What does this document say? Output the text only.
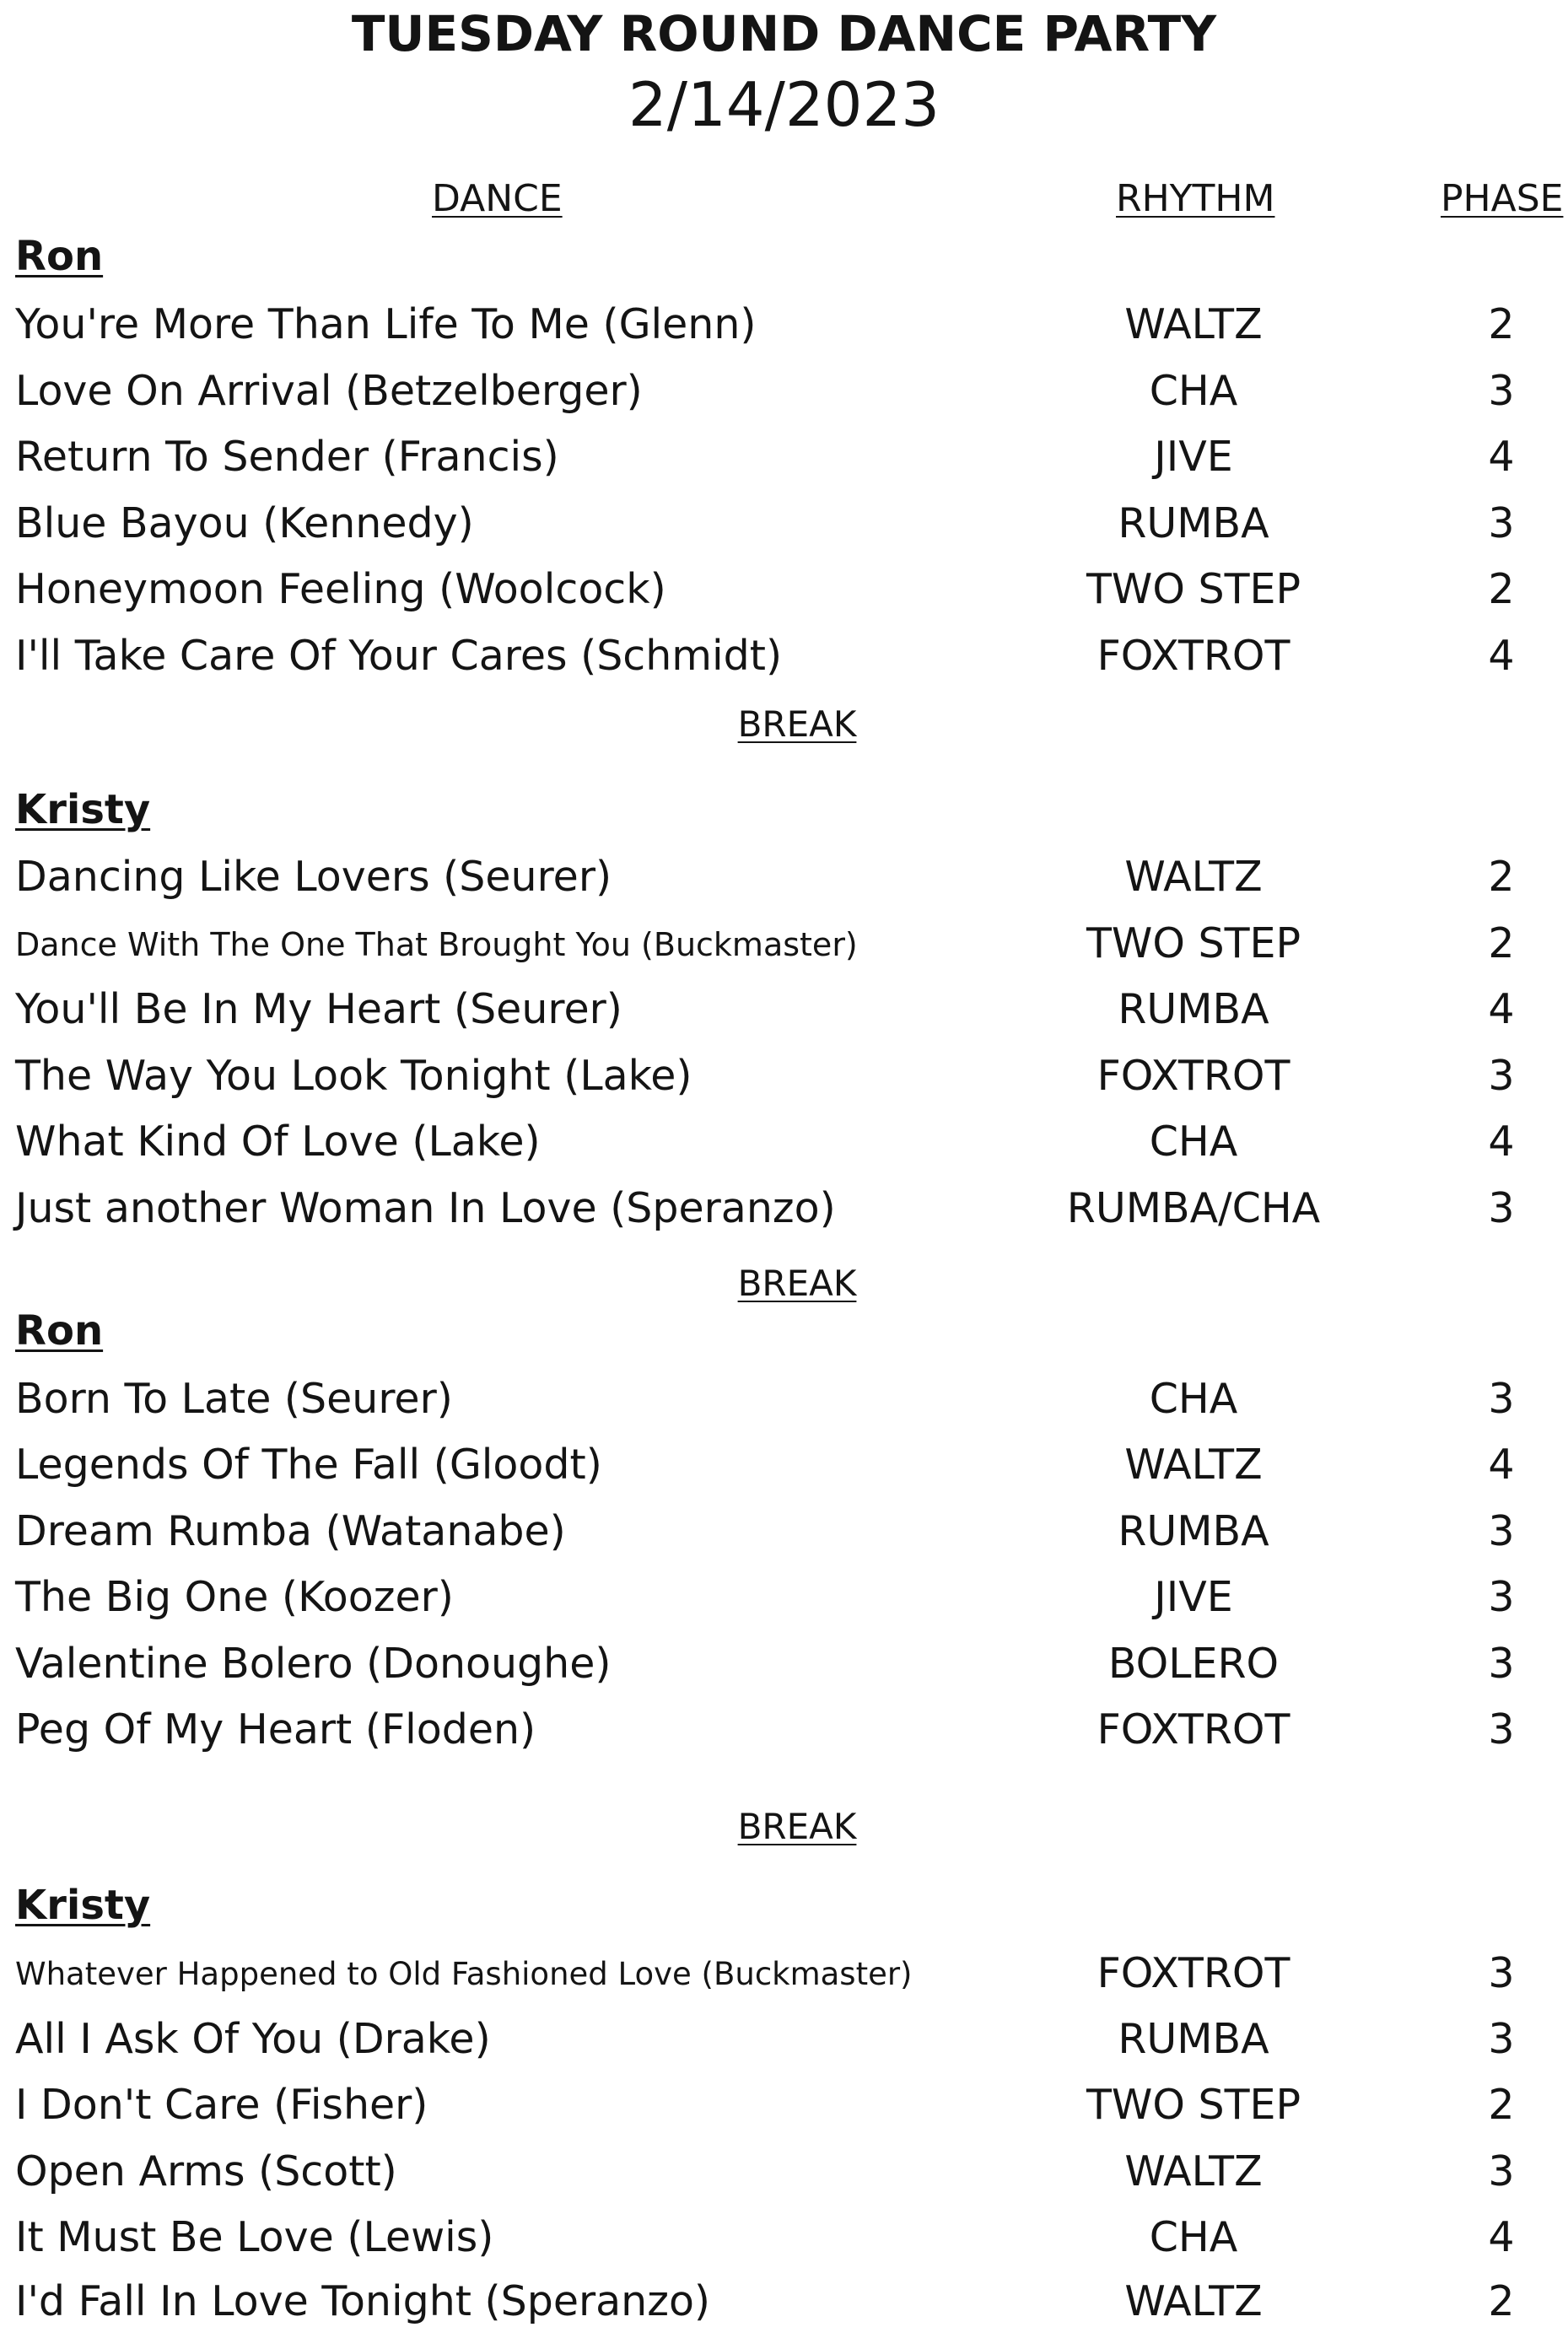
TUESDAY ROUND DANCE PARTY
2/14/2023
DANCE	RHYTHM	PHASE
Ron
You're More Than Life To Me (Glenn)	WALTZ	2
Love On Arrival (Betzelberger)	CHA	3
Return To Sender (Francis)	JIVE	4
Blue Bayou (Kennedy)	RUMBA	3
Honeymoon Feeling (Woolcock)	TWO STEP	2
I'll Take Care Of Your Cares (Schmidt)	FOXTROT	4
BREAK
Kristy
Dancing Like Lovers (Seurer)	WALTZ	2
Dance With The One That Brought You (Buckmaster)	TWO STEP	2
You'll Be In My Heart (Seurer)	RUMBA	4
The Way You Look Tonight (Lake)	FOXTROT	3
What Kind Of Love (Lake)	CHA	4
Just another Woman In Love (Speranzo)	RUMBA/CHA	3
BREAK
Ron
Born To Late (Seurer)	CHA	3
Legends Of The Fall (Gloodt)	WALTZ	4
Dream Rumba (Watanabe)	RUMBA	3
The Big One (Koozer)	JIVE	3
Valentine Bolero (Donoughe)	BOLERO	3
Peg Of My Heart (Floden)	FOXTROT	3
BREAK
Kristy
Whatever Happened to Old Fashioned Love (Buckmaster)	FOXTROT	3
All I Ask Of You (Drake)	RUMBA	3
I Don't Care (Fisher)	TWO STEP	2
Open Arms (Scott)	WALTZ	3
It Must Be Love (Lewis)	CHA	4
I'd Fall In Love Tonight (Speranzo)	WALTZ	2
